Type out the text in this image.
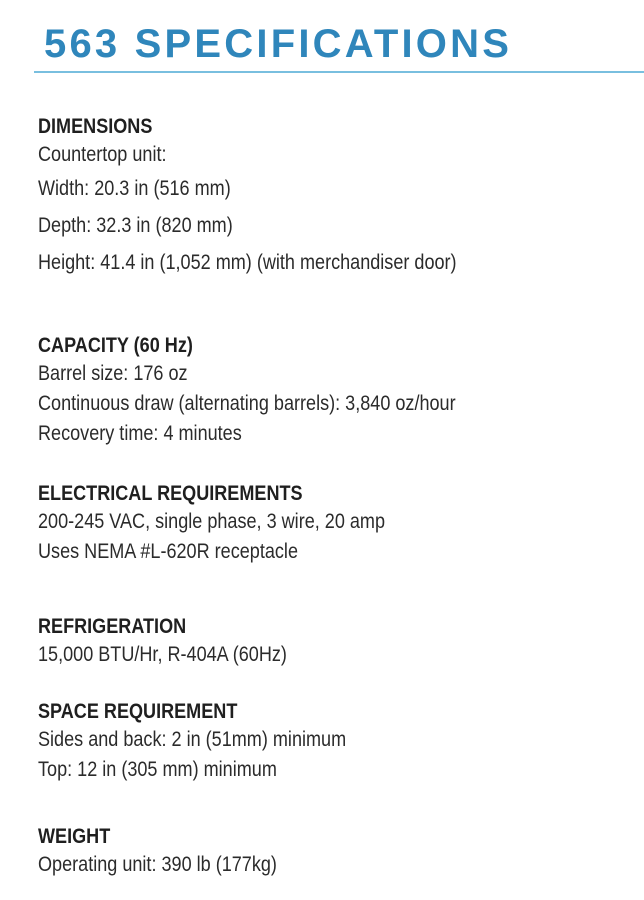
563 SPECIFICATIONS
DIMENSIONS

Countertop unit:

Width: 20.3 in (516 mm)

Depth: 32.3 in (820 mm)

Height: 41.4 in (1,052 mm) (with merchandiser door)

CAPACITY (60 Hz)

Barrel size: 176 oz

Continuous draw (alternating barrels): 3,840 oz/hour

Recovery time: 4 minutes

ELECTRICAL REQUIREMENTS

200-245 VAC, single phase, 3 wire, 20 amp

Uses NEMA #L-620R receptacle

REFRIGERATION

15,000 BTU/Hr, R-404A (60Hz)

SPACE REQUIREMENT

Sides and back: 2 in (51mm) minimum

Top: 12 in (305 mm) minimum

WEIGHT

Operating unit: 390 lb (177kg)
